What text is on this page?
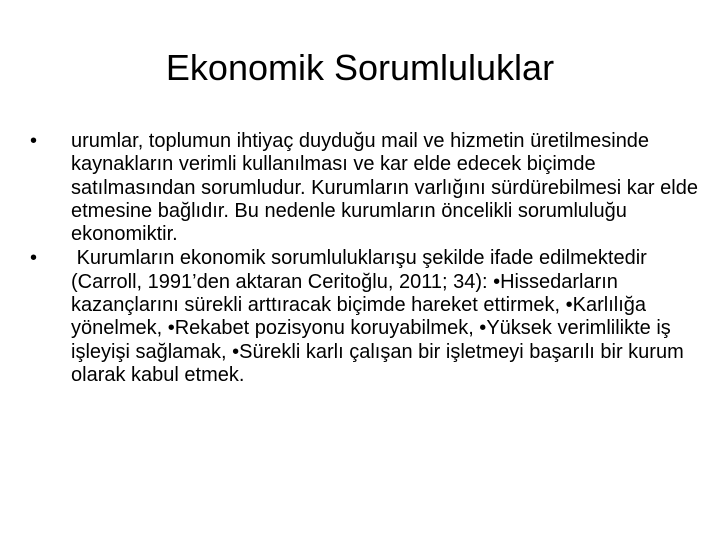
Ekonomik Sorumluluklar
•	urumlar, toplumun ihtiyaç duyduğu mail ve hizmetin üretilmesinde kaynakların verimli kullanılması ve kar elde edecek biçimde satılmasından sorumludur. Kurumların varlığını sürdürebilmesi kar elde etmesine bağlıdır. Bu nedenle kurumların öncelikli sorumluluğu ekonomiktir.
•	Kurumların ekonomik sorumluluklarışu şekilde ifade edilmektedir (Carroll, 1991’den aktaran Ceritoğlu, 2011; 34): •Hissedarların kazançlarını sürekli arttıracak biçimde hareket ettirmek, •Karlılığa yönelmek, •Rekabet pozisyonu koruyabilmek, •Yüksek verimlilikte iş işleyişi sağlamak, •Sürekli karlı çalışan bir işletmeyi başarılı bir kurum olarak kabul etmek.
